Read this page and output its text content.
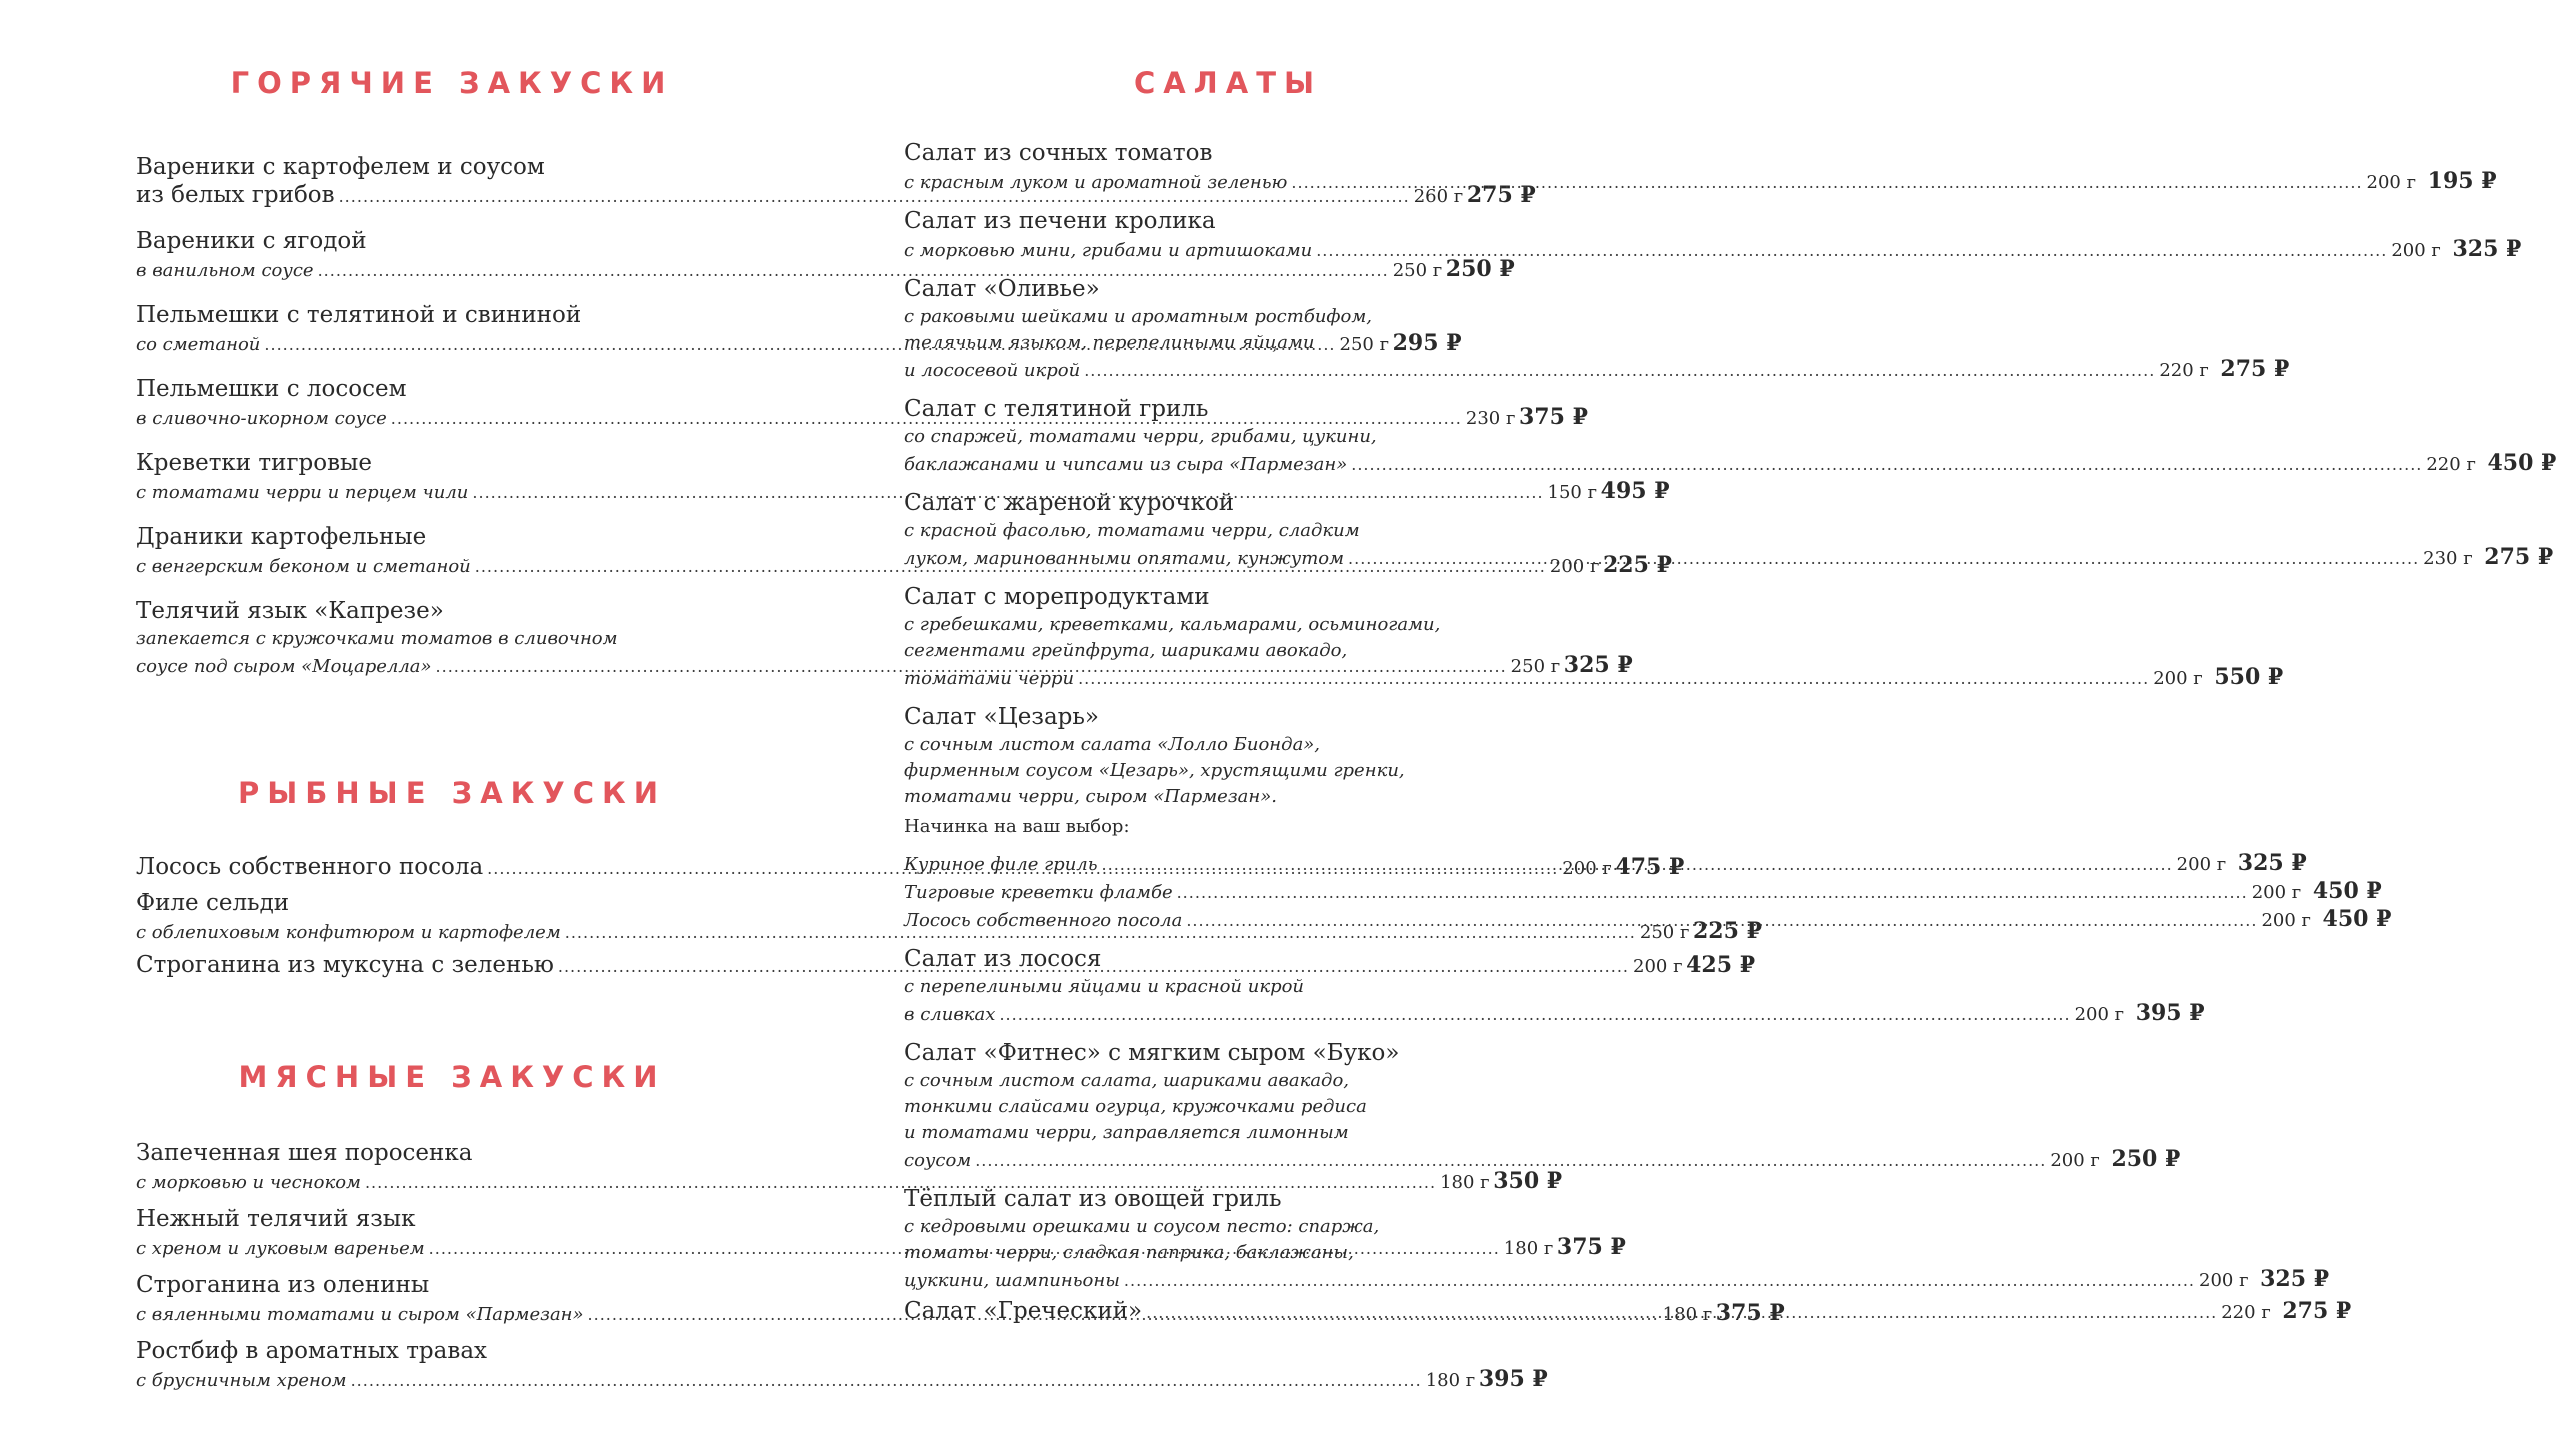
ГОРЯЧИЕ ЗАКУСКИ
Вареники с картофелем и соусом
из белых грибов .....	260 г 275 ₽
Вареники с ягодой
в ванильном соусе .....	250 г 250 ₽
Пельмешки с телятиной и свининой
со сметаной .....	250 г 295 ₽
Пельмешки с лососем
в сливочно-икорном соусе .....	230 г 375 ₽
Креветки тигровые
с томатами черри и перцем чили .....	150 г 495 ₽
Драники картофельные
с венгерским беконом и сметаной .....	200 г 225 ₽
Телячий язык «Капрезе»
запекается с кружочками томатов в сливочном
соусе под сыром «Моцарелла» .....	250 г 325 ₽
РЫБНЫЕ ЗАКУСКИ
Лосось собственного посола .....	200 г 475 ₽
Филе сельди
с облепиховым конфитюром и картофелем .....	250 г 225 ₽
Строганина из муксуна с зеленью .....	200 г 425 ₽
МЯСНЫЕ ЗАКУСКИ
Запеченная шея поросенка
с морковью и чесноком .....	180 г 350 ₽
Нежный телячий язык
с хреном и луковым вареньем .....	180 г 375 ₽
Строганина из оленины
с вяленными томатами и сыром «Пармезан» .....	180 г 375 ₽
Ростбиф в ароматных травах
с брусничным хреном .....	180 г 395 ₽
САЛАТЫ
Салат из сочных томатов
с красным луком и ароматной зеленью .....	200 г 195 ₽
Салат из печени кролика
с морковью мини, грибами и артишоками .....	200 г 325 ₽
Салат «Оливье»
с раковыми шейками и ароматным ростбифом,
телячьим языком, перепелиными яйцами
и лососевой икрой .....	220 г 275 ₽
Салат с телятиной гриль
со спаржей, томатами черри, грибами, цукини,
баклажанами и чипсами из сыра «Пармезан» .....	220 г 450 ₽
Салат с жареной курочкой
с красной фасолью, томатами черри, сладким
луком, маринованными опятами, кунжутом .....	230 г 275 ₽
Салат с морепродуктами
с гребешками, креветками, кальмарами, осьминогами,
сегментами грейпфрута, шариками авокадо,
томатами черри .....	200 г 550 ₽
Салат «Цезарь»
с сочным листом салата «Лолло Бионда»,
фирменным соусом «Цезарь», хрустящими гренки,
томатами черри, сыром «Пармезан».
Начинка на ваш выбор:
Куриное филе гриль .....	200 г 325 ₽
Тигровые креветки фламбе .....	200 г 450 ₽
Лосось собственного посола .....	200 г 450 ₽
Салат из лосося
с перепелиными яйцами и красной икрой
в сливках .....	200 г 395 ₽
Салат «Фитнес» с мягким сыром «Буко»
с сочным листом салата, шариками авакадо,
тонкими слайсами огурца, кружочками редиса
и томатами черри, заправляется лимонным
соусом .....	200 г 250 ₽
Тёплый салат из овощей гриль
с кедровыми орешками и соусом песто: спаржа,
томаты черри, сладкая паприка, баклажаны,
цуккини, шампиньоны .....	200 г 325 ₽
Салат «Греческий» .....	220 г 275 ₽
